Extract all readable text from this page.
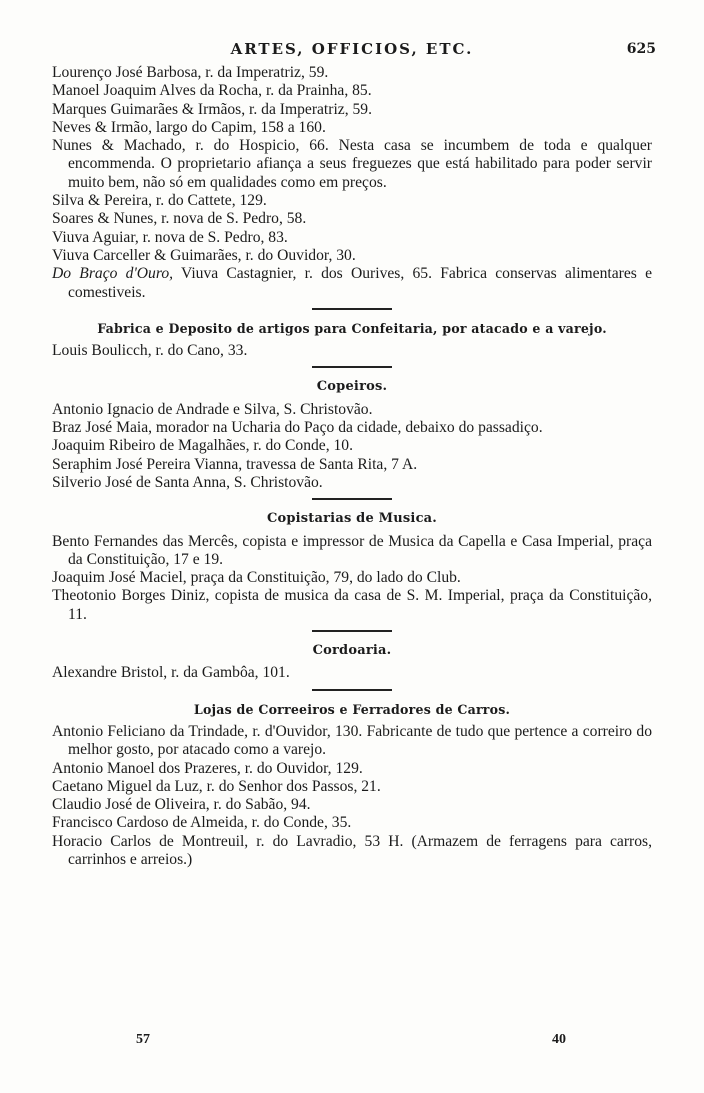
ARTES, OFFICIOS, ETC.	625

Lourenço José Barbosa, r. da Imperatriz, 59.

Manoel Joaquim Alves da Rocha, r. da Prainha, 85.

Marques Guimarães & Irmãos, r. da Imperatriz, 59.

Neves & Irmão, largo do Capim, 158 a 160.

Nunes & Machado, r. do Hospicio, 66. Nesta casa se incumbem de toda e qualquer encommenda. O proprietario afiança a seus freguezes que está habilitado para poder servir muito bem, não só em qualidades como em preços.

Silva & Pereira, r. do Cattete, 129.

Soares & Nunes, r. nova de S. Pedro, 58.

Viuva Aguiar, r. nova de S. Pedro, 83.

Viuva Carceller & Guimarães, r. do Ouvidor, 30.

Do Braço d'Ouro, Viuva Castagnier, r. dos Ourives, 65. Fabrica conservas alimentares e comestiveis.

Fabrica e Deposito de artigos para Confeitaria, por atacado e a varejo.

Louis Boulicch, r. do Cano, 33.

Copeiros.

Antonio Ignacio de Andrade e Silva, S. Christovão.

Braz José Maia, morador na Ucharia do Paço da cidade, debaixo do passadiço.

Joaquim Ribeiro de Magalhães, r. do Conde, 10.

Seraphim José Pereira Vianna, travessa de Santa Rita, 7 A.

Silverio José de Santa Anna, S. Christovão.

Copistarias de Musica.

Bento Fernandes das Mercês, copista e impressor de Musica da Capella e Casa Imperial, praça da Constituição, 17 e 19.

Joaquim José Maciel, praça da Constituição, 79, do lado do Club.

Theotonio Borges Diniz, copista de musica da casa de S. M. Imperial, praça da Constituição, 11.

Cordoaria.

Alexandre Bristol, r. da Gambôa, 101.

Lojas de Correeiros e Ferradores de Carros.

Antonio Feliciano da Trindade, r. d'Ouvidor, 130. Fabricante de tudo que pertence a correiro do melhor gosto, por atacado como a varejo.

Antonio Manoel dos Prazeres, r. do Ouvidor, 129.

Caetano Miguel da Luz, r. do Senhor dos Passos, 21.

Claudio José de Oliveira, r. do Sabão, 94.

Francisco Cardoso de Almeida, r. do Conde, 35.

Horacio Carlos de Montreuil, r. do Lavradio, 53 H. (Armazem de ferragens para carros, carrinhos e arreios.)

57	40
